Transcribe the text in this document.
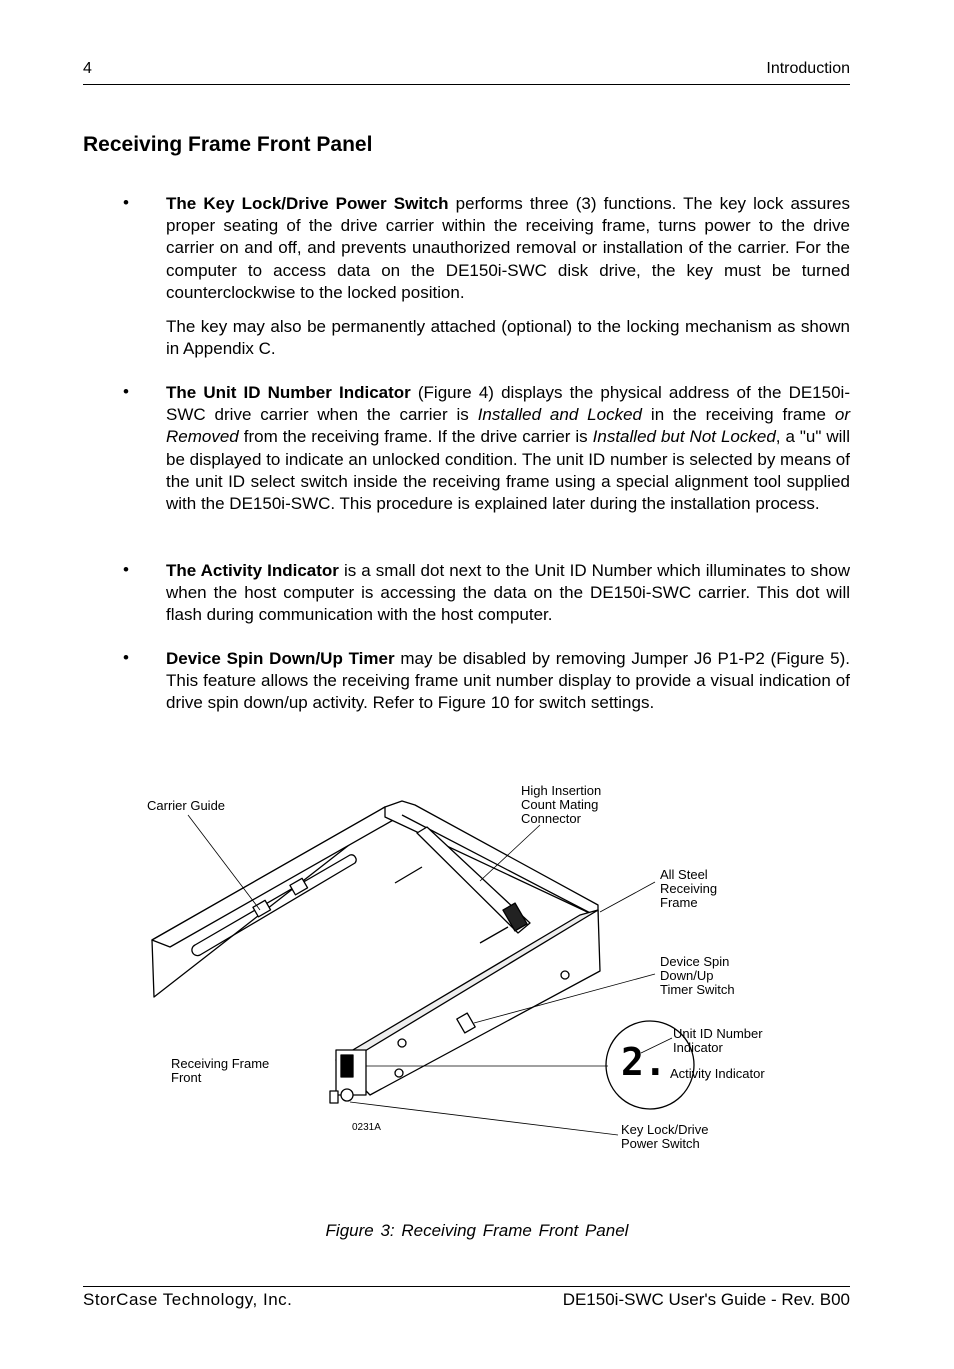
4	Introduction
Receiving Frame Front Panel
• The Key Lock/Drive Power Switch performs three (3) functions. The key lock assures proper seating of the drive carrier within the receiving frame, turns power to the drive carrier on and off, and prevents unauthorized removal or installation of the carrier. For the computer to access data on the DE150i-SWC disk drive, the key must be turned counterclockwise to the locked position.

The key may also be permanently attached (optional) to the locking mechanism as shown in Appendix C.

• The Unit ID Number Indicator (Figure 4) displays the physical address of the DE150i-SWC drive carrier when the carrier is Installed and Locked in the receiving frame or Removed from the receiving frame. If the drive carrier is Installed but Not Locked, a "u" will be displayed to indicate an unlocked condition. The unit ID number is selected by means of the unit ID select switch inside the receiving frame using a special alignment tool supplied with the DE150i-SWC. This procedure is explained later during the installation process.

• The Activity Indicator is a small dot next to the Unit ID Number which illuminates to show when the host computer is accessing the data on the DE150i-SWC carrier. This dot will flash during communication with the host computer.

• Device Spin Down/Up Timer may be disabled by removing Jumper J6 P1-P2 (Figure 5). This feature allows the receiving frame unit number display to provide a visual indication of drive spin down/up activity. Refer to Figure 10 for switch settings.

2.
Carrier Guide
High Insertion
Count Mating
Connector
All Steel
Receiving
Frame
Device Spin
Down/Up
Timer Switch
Unit ID Number
Indicator
Activity Indicator
Receiving Frame
Front
Key Lock/Drive
Power Switch
0231A
Figure 3: Receiving Frame Front Panel
StorCase Technology, Inc.	DE150i-SWC User's Guide - Rev. B00
